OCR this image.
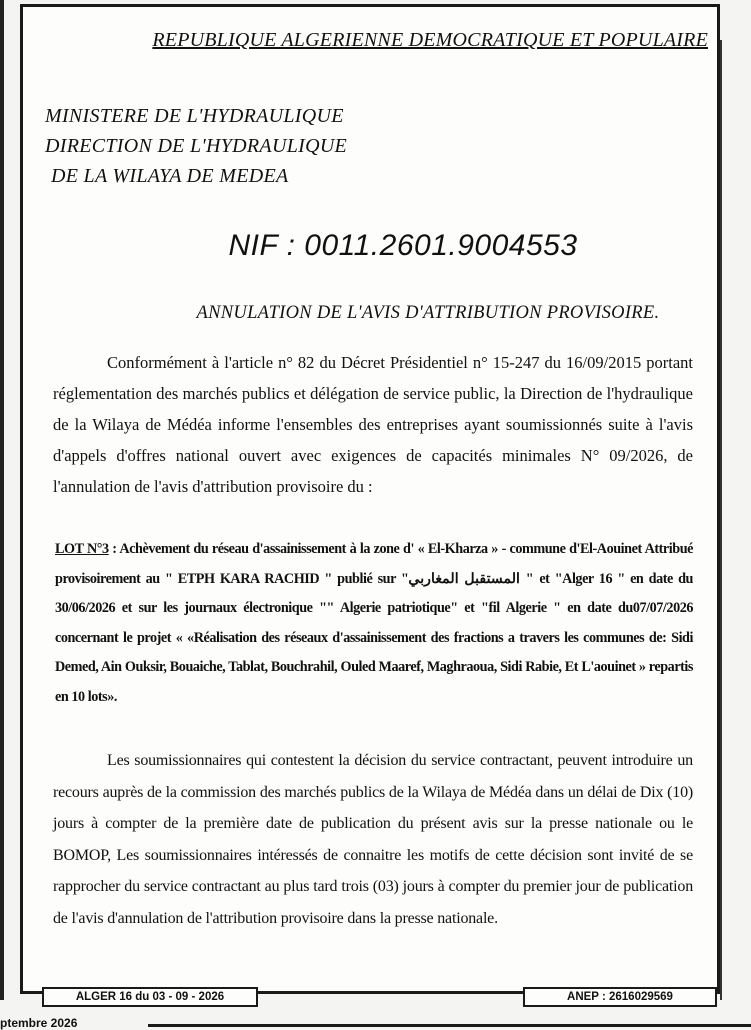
REPUBLIQUE ALGERIENNE DEMOCRATIQUE ET POPULAIRE
MINISTERE DE L'HYDRAULIQUE
DIRECTION DE L'HYDRAULIQUE
DE LA WILAYA DE MEDEA
NIF : 0011.2601.9004553
ANNULATION DE L'AVIS D'ATTRIBUTION PROVISOIRE.
Conformément à l'article n° 82 du Décret Présidentiel n° 15-247 du 16/09/2015 portant réglementation des marchés publics et délégation de service public, la Direction de l'hydraulique de la Wilaya de Médéa informe l'ensembles des entreprises ayant soumissionnés suite à l'avis d'appels d'offres national ouvert avec exigences de capacités minimales N° 09/2026, de l'annulation de l'avis d'attribution provisoire du :
LOT N°3 : Achèvement du réseau d'assainissement à la zone d' « El-Kharza » - commune d'El-Aouinet Attribué provisoirement au " ETPH KARA RACHID " publié sur "المستقبل المغاربي " et "Alger 16 " en date du 30/06/2026 et sur les journaux électronique "" Algerie patriotique" et "fil Algerie " en date du07/07/2026 concernant le projet « «Réalisation des réseaux d'assainissement des fractions a travers les communes de: Sidi Demed, Ain Ouksir, Bouaiche, Tablat, Bouchrahil, Ouled Maaref, Maghraoua, Sidi Rabie, Et L'aouinet » repartis en 10 lots».
Les soumissionnaires qui contestent la décision du service contractant, peuvent introduire un recours auprès de la commission des marchés publics de la Wilaya de Médéa dans un délai de Dix (10) jours à compter de la première date de publication du présent avis sur la presse nationale ou le BOMOP, Les soumissionnaires intéressés de connaitre les motifs de cette décision sont invité de se rapprocher du service contractant au plus tard trois (03) jours à compter du premier jour de publication de l'avis d'annulation de l'attribution provisoire dans la presse nationale.
ALGER 16 du 03 - 09 - 2026	ANEP : 2616029569
ptembre 2026
